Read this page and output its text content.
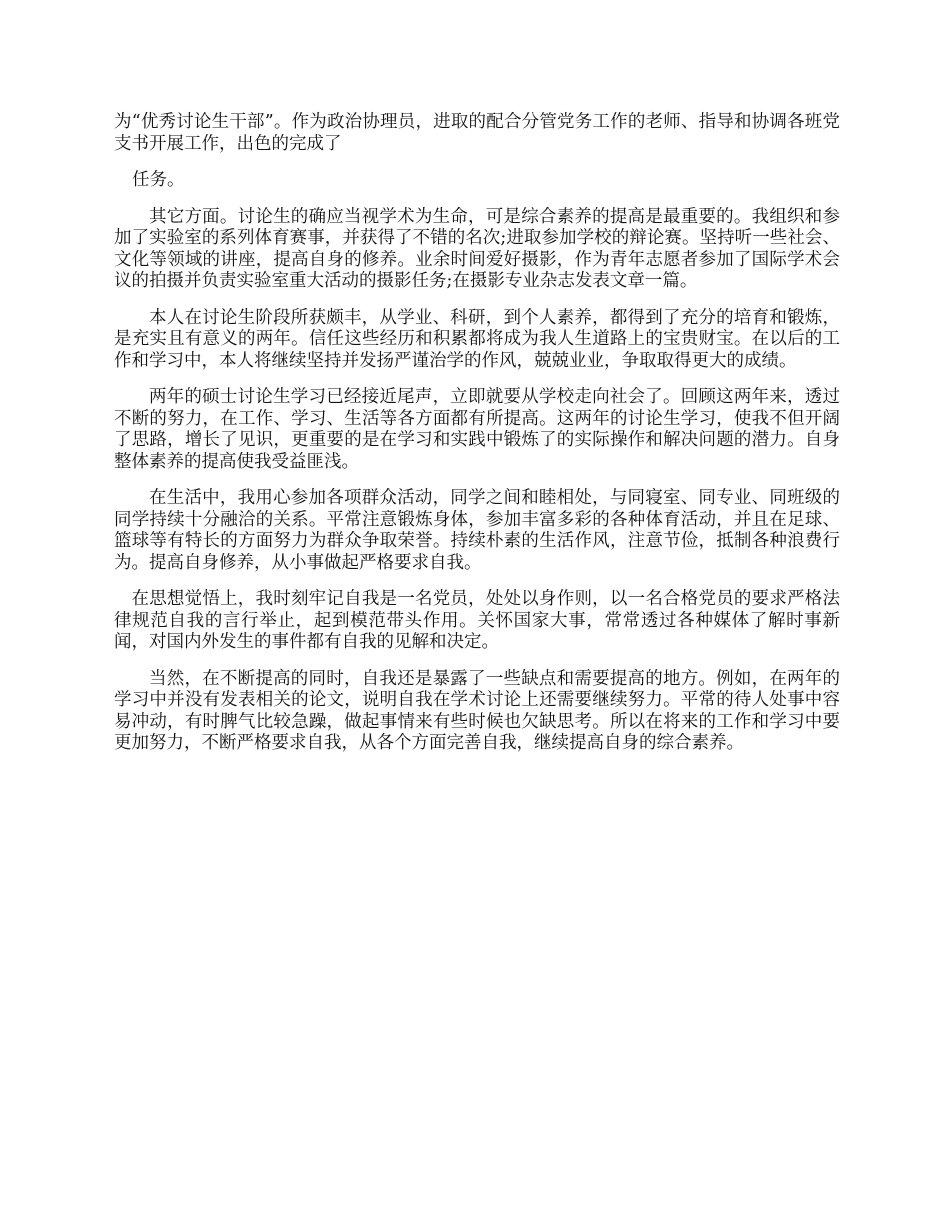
为“优秀讨论生干部”。作为政治协理员，进取的配合分管党务工作的老师、指导和协调各班党支书开展工作，出色的完成了

任务。

其它方面。讨论生的确应当视学术为生命，可是综合素养的提高是最重要的。我组织和参加了实验室的系列体育赛事，并获得了不错的名次;进取参加学校的辩论赛。坚持听一些社会、文化等领域的讲座，提高自身的修养。业余时间爱好摄影，作为青年志愿者参加了国际学术会议的拍摄并负责实验室重大活动的摄影任务;在摄影专业杂志发表文章一篇。

本人在讨论生阶段所获颇丰，从学业、科研，到个人素养，都得到了充分的培育和锻炼，是充实且有意义的两年。信任这些经历和积累都将成为我人生道路上的宝贵财宝。在以后的工作和学习中，本人将继续坚持并发扬严谨治学的作风，兢兢业业，争取取得更大的成绩。

两年的硕士讨论生学习已经接近尾声，立即就要从学校走向社会了。回顾这两年来，透过不断的努力，在工作、学习、生活等各方面都有所提高。这两年的讨论生学习，使我不但开阔了思路，增长了见识，更重要的是在学习和实践中锻炼了的实际操作和解决问题的潜力。自身整体素养的提高使我受益匪浅。

在生活中，我用心参加各项群众活动，同学之间和睦相处，与同寝室、同专业、同班级的同学持续十分融洽的关系。平常注意锻炼身体，参加丰富多彩的各种体育活动，并且在足球、篮球等有特长的方面努力为群众争取荣誉。持续朴素的生活作风，注意节俭，抵制各种浪费行为。提高自身修养，从小事做起严格要求自我。

在思想觉悟上，我时刻牢记自我是一名党员，处处以身作则，以一名合格党员的要求严格法律规范自我的言行举止，起到模范带头作用。关怀国家大事，常常透过各种媒体了解时事新闻，对国内外发生的事件都有自我的见解和决定。

当然，在不断提高的同时，自我还是暴露了一些缺点和需要提高的地方。例如，在两年的学习中并没有发表相关的论文，说明自我在学术讨论上还需要继续努力。平常的待人处事中容易冲动，有时脾气比较急躁，做起事情来有些时候也欠缺思考。所以在将来的工作和学习中要更加努力，不断严格要求自我，从各个方面完善自我，继续提高自身的综合素养。
